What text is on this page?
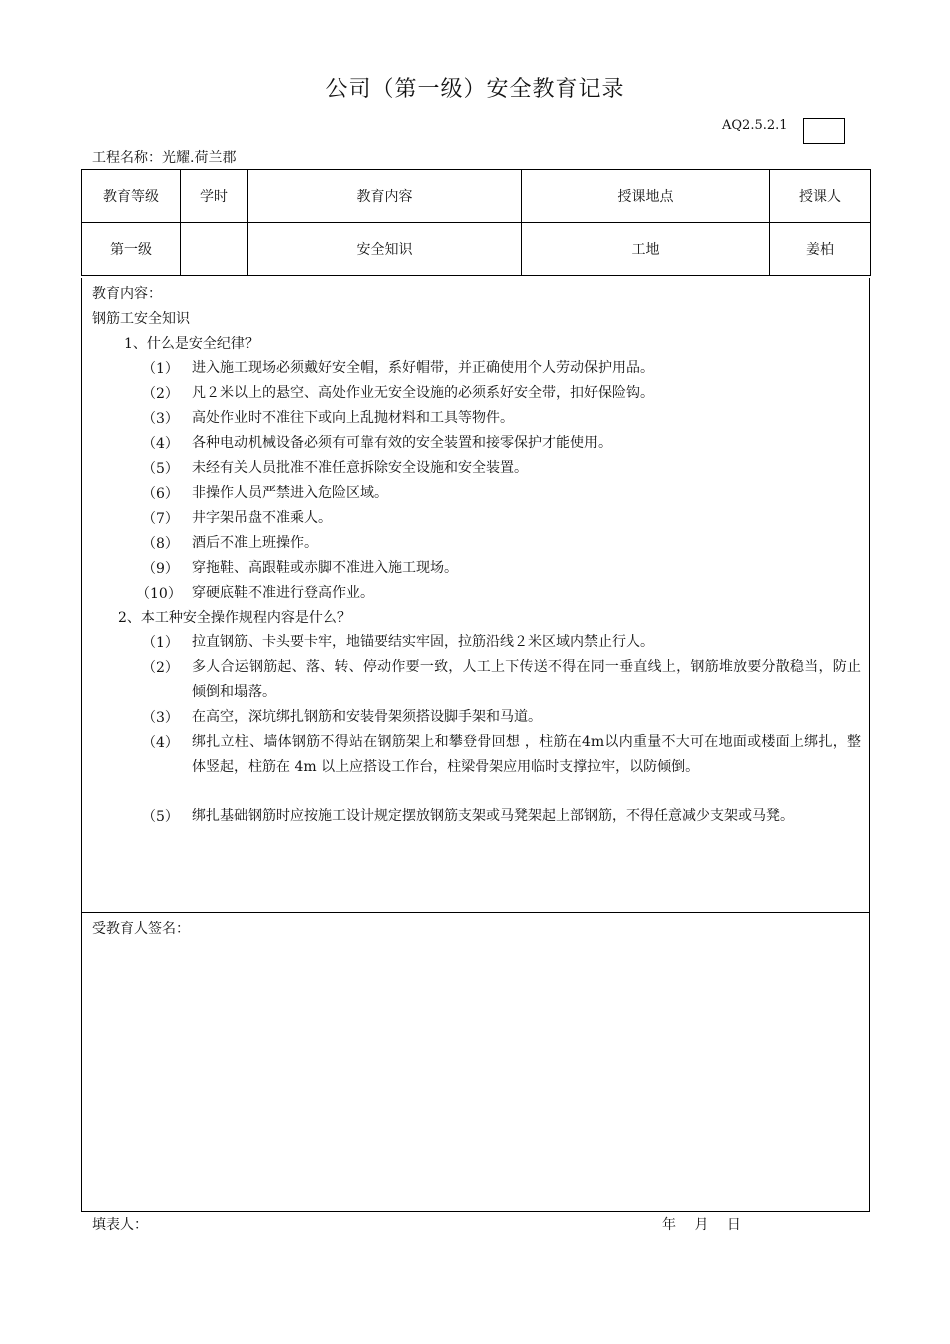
公司（第一级）安全教育记录
AQ2.5.2.1
工程名称：光耀.荷兰郡
教育等级	学时	教育内容	授课地点	授课人
第一级		安全知识	工地	姜柏
教育内容：
钢筋工安全知识
1、什么是安全纪律？
（1） 进入施工现场必须戴好安全帽，系好帽带，并正确使用个人劳动保护用品。
（2） 凡２米以上的悬空、高处作业无安全设施的必须系好安全带，扣好保险钩。
（3） 高处作业时不准往下或向上乱抛材料和工具等物件。
（4） 各种电动机械设备必须有可靠有效的安全装置和接零保护才能使用。
（5） 未经有关人员批准不准任意拆除安全设施和安全装置。
（6） 非操作人员严禁进入危险区域。
（7） 井字架吊盘不准乘人。
（8） 酒后不准上班操作。
（9） 穿拖鞋、高跟鞋或赤脚不准进入施工现场。
（10） 穿硬底鞋不准进行登高作业。
2、本工种安全操作规程内容是什么？
（1） 拉直钢筋、卡头要卡牢，地锚要结实牢固，拉筋沿线２米区域内禁止行人。
（2） 多人合运钢筋起、落、转、停动作要一致，人工上下传送不得在同一垂直线上，钢筋堆放要分散稳当，防止倾倒和塌落。
（3） 在高空，深坑绑扎钢筋和安装骨架须搭设脚手架和马道。
（4） 绑扎立柱、墙体钢筋不得站在钢筋架上和攀登骨回想 ，柱筋在4m以内重量不大可在地面或楼面上绑扎，整体竖起，柱筋在 4m 以上应搭设工作台，柱梁骨架应用临时支撑拉牢，以防倾倒。
（5） 绑扎基础钢筋时应按施工设计规定摆放钢筋支架或马凳架起上部钢筋，不得任意减少支架或马凳。
受教育人签名：
填表人：	年 月 日
